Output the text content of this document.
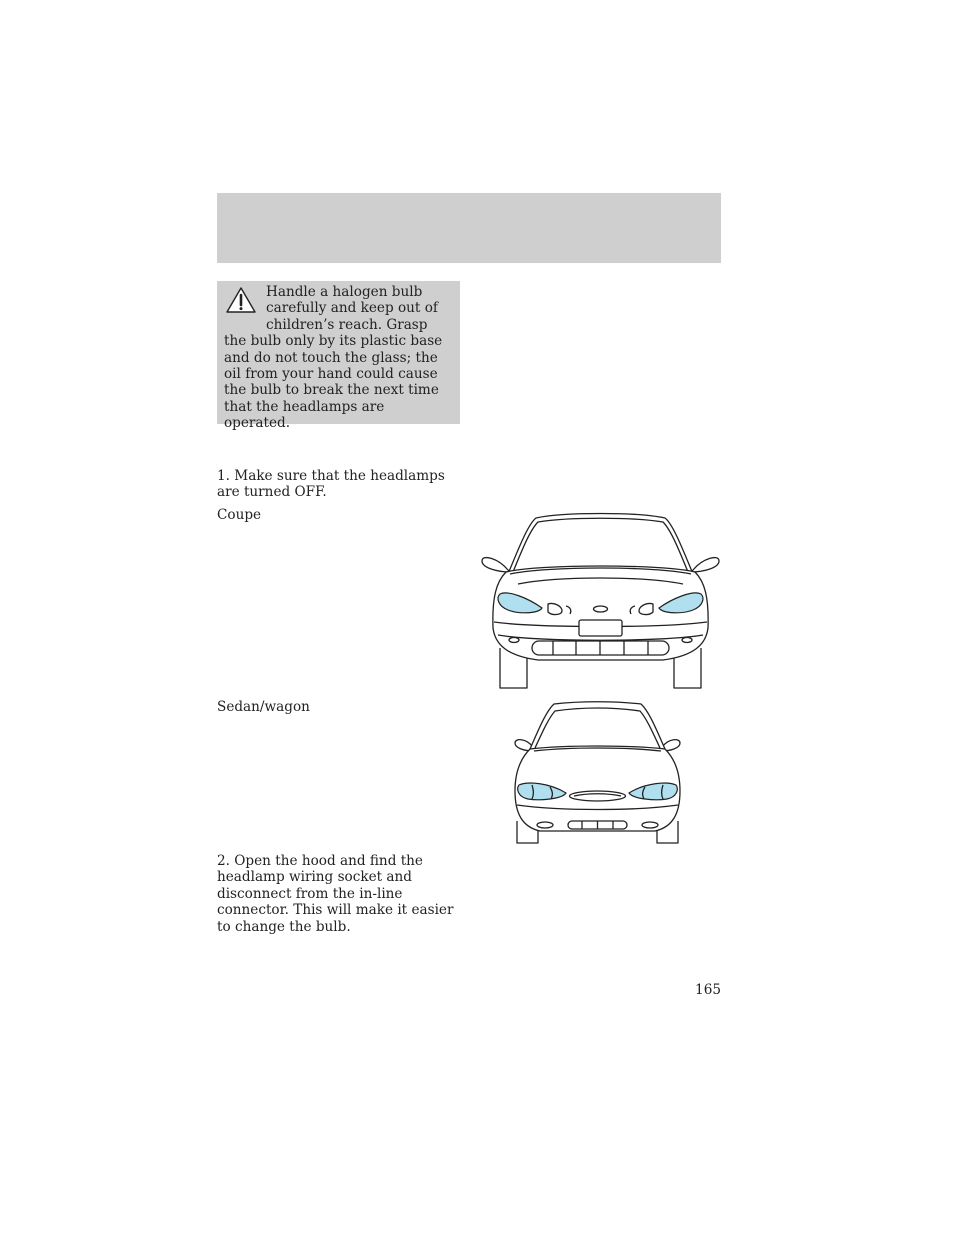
Handle a halogen bulb carefully and keep out of children’s reach. Grasp the bulb only by its plastic base and do not touch the glass; the oil from your hand could cause the bulb to break the next time that the headlamps are operated.

1. Make sure that the headlamps are turned OFF.

Coupe

Sedan/wagon

2. Open the hood and find the headlamp wiring socket and disconnect from the in-line connector. This will make it easier to change the bulb.

165
